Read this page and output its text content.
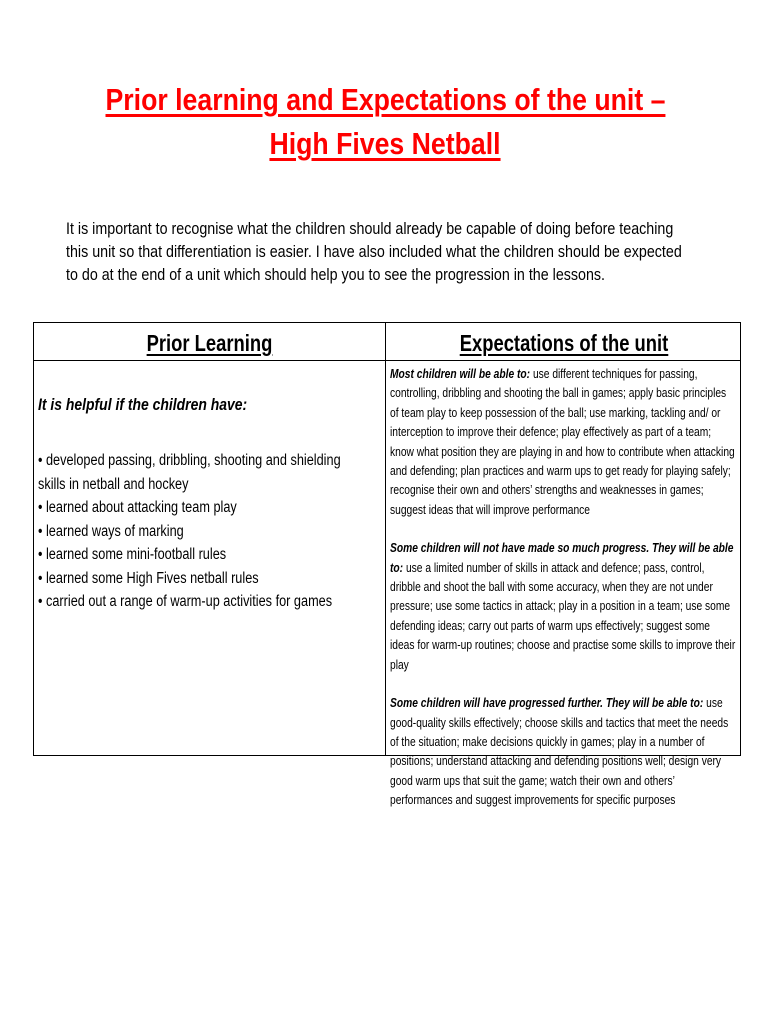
Prior learning and Expectations of the unit –
High Fives Netball
It is important to recognise what the children should already be capable of doing before teaching this unit so that differentiation is easier. I have also included what the children should be expected to do at the end of a unit which should help you to see the progression in the lessons.
Prior Learning	Expectations of the unit
It is helpful if the children have:
• developed passing, dribbling, shooting and shielding skills in netball and hockey
• learned about attacking team play
• learned ways of marking
• learned some mini-football rules
• learned some High Fives netball rules
• carried out a range of warm-up activities for games

Most children will be able to: use different techniques for passing, controlling, dribbling and shooting the ball in games; apply basic principles of team play to keep possession of the ball; use marking, tackling and/ or interception to improve their defence; play effectively as part of a team; know what position they are playing in and how to contribute when attacking and defending; plan practices and warm ups to get ready for playing safely; recognise their own and others’ strengths and weaknesses in games; suggest ideas that will improve performance

Some children will not have made so much progress. They will be able to: use a limited number of skills in attack and defence; pass, control, dribble and shoot the ball with some accuracy, when they are not under pressure; use some tactics in attack; play in a position in a team; use some defending ideas; carry out parts of warm ups effectively; suggest some ideas for warm-up routines; choose and practise some skills to improve their play

Some children will have progressed further. They will be able to: use good-quality skills effectively; choose skills and tactics that meet the needs of the situation; make decisions quickly in games; play in a number of positions; understand attacking and defending positions well; design very good warm ups that suit the game; watch their own and others’ performances and suggest improvements for specific purposes
